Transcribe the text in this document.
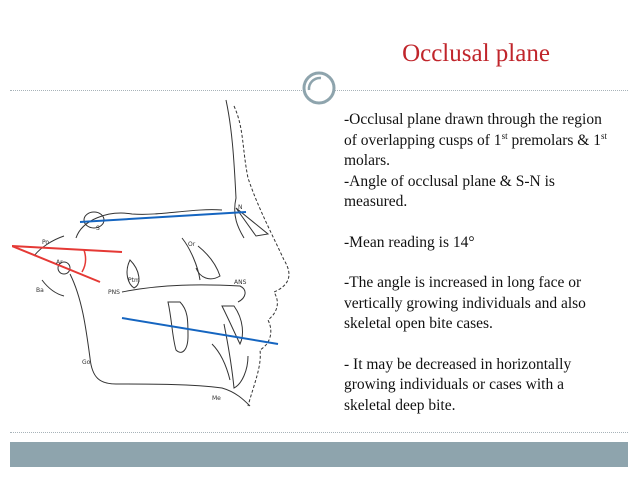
Occlusal plane
S
N
Ba
Ptm	ANS
PNS
Go
Me
Ar
Po	Or

-Occlusal plane drawn through the region of overlapping cusps of 1st premolars & 1st molars.

-Angle of occlusal plane & S-N is measured.

-Mean reading is 14°

-The angle is increased in long face or vertically growing individuals and also skeletal open bite cases.

- It may be decreased in horizontally growing individuals or cases with a skeletal deep bite.
